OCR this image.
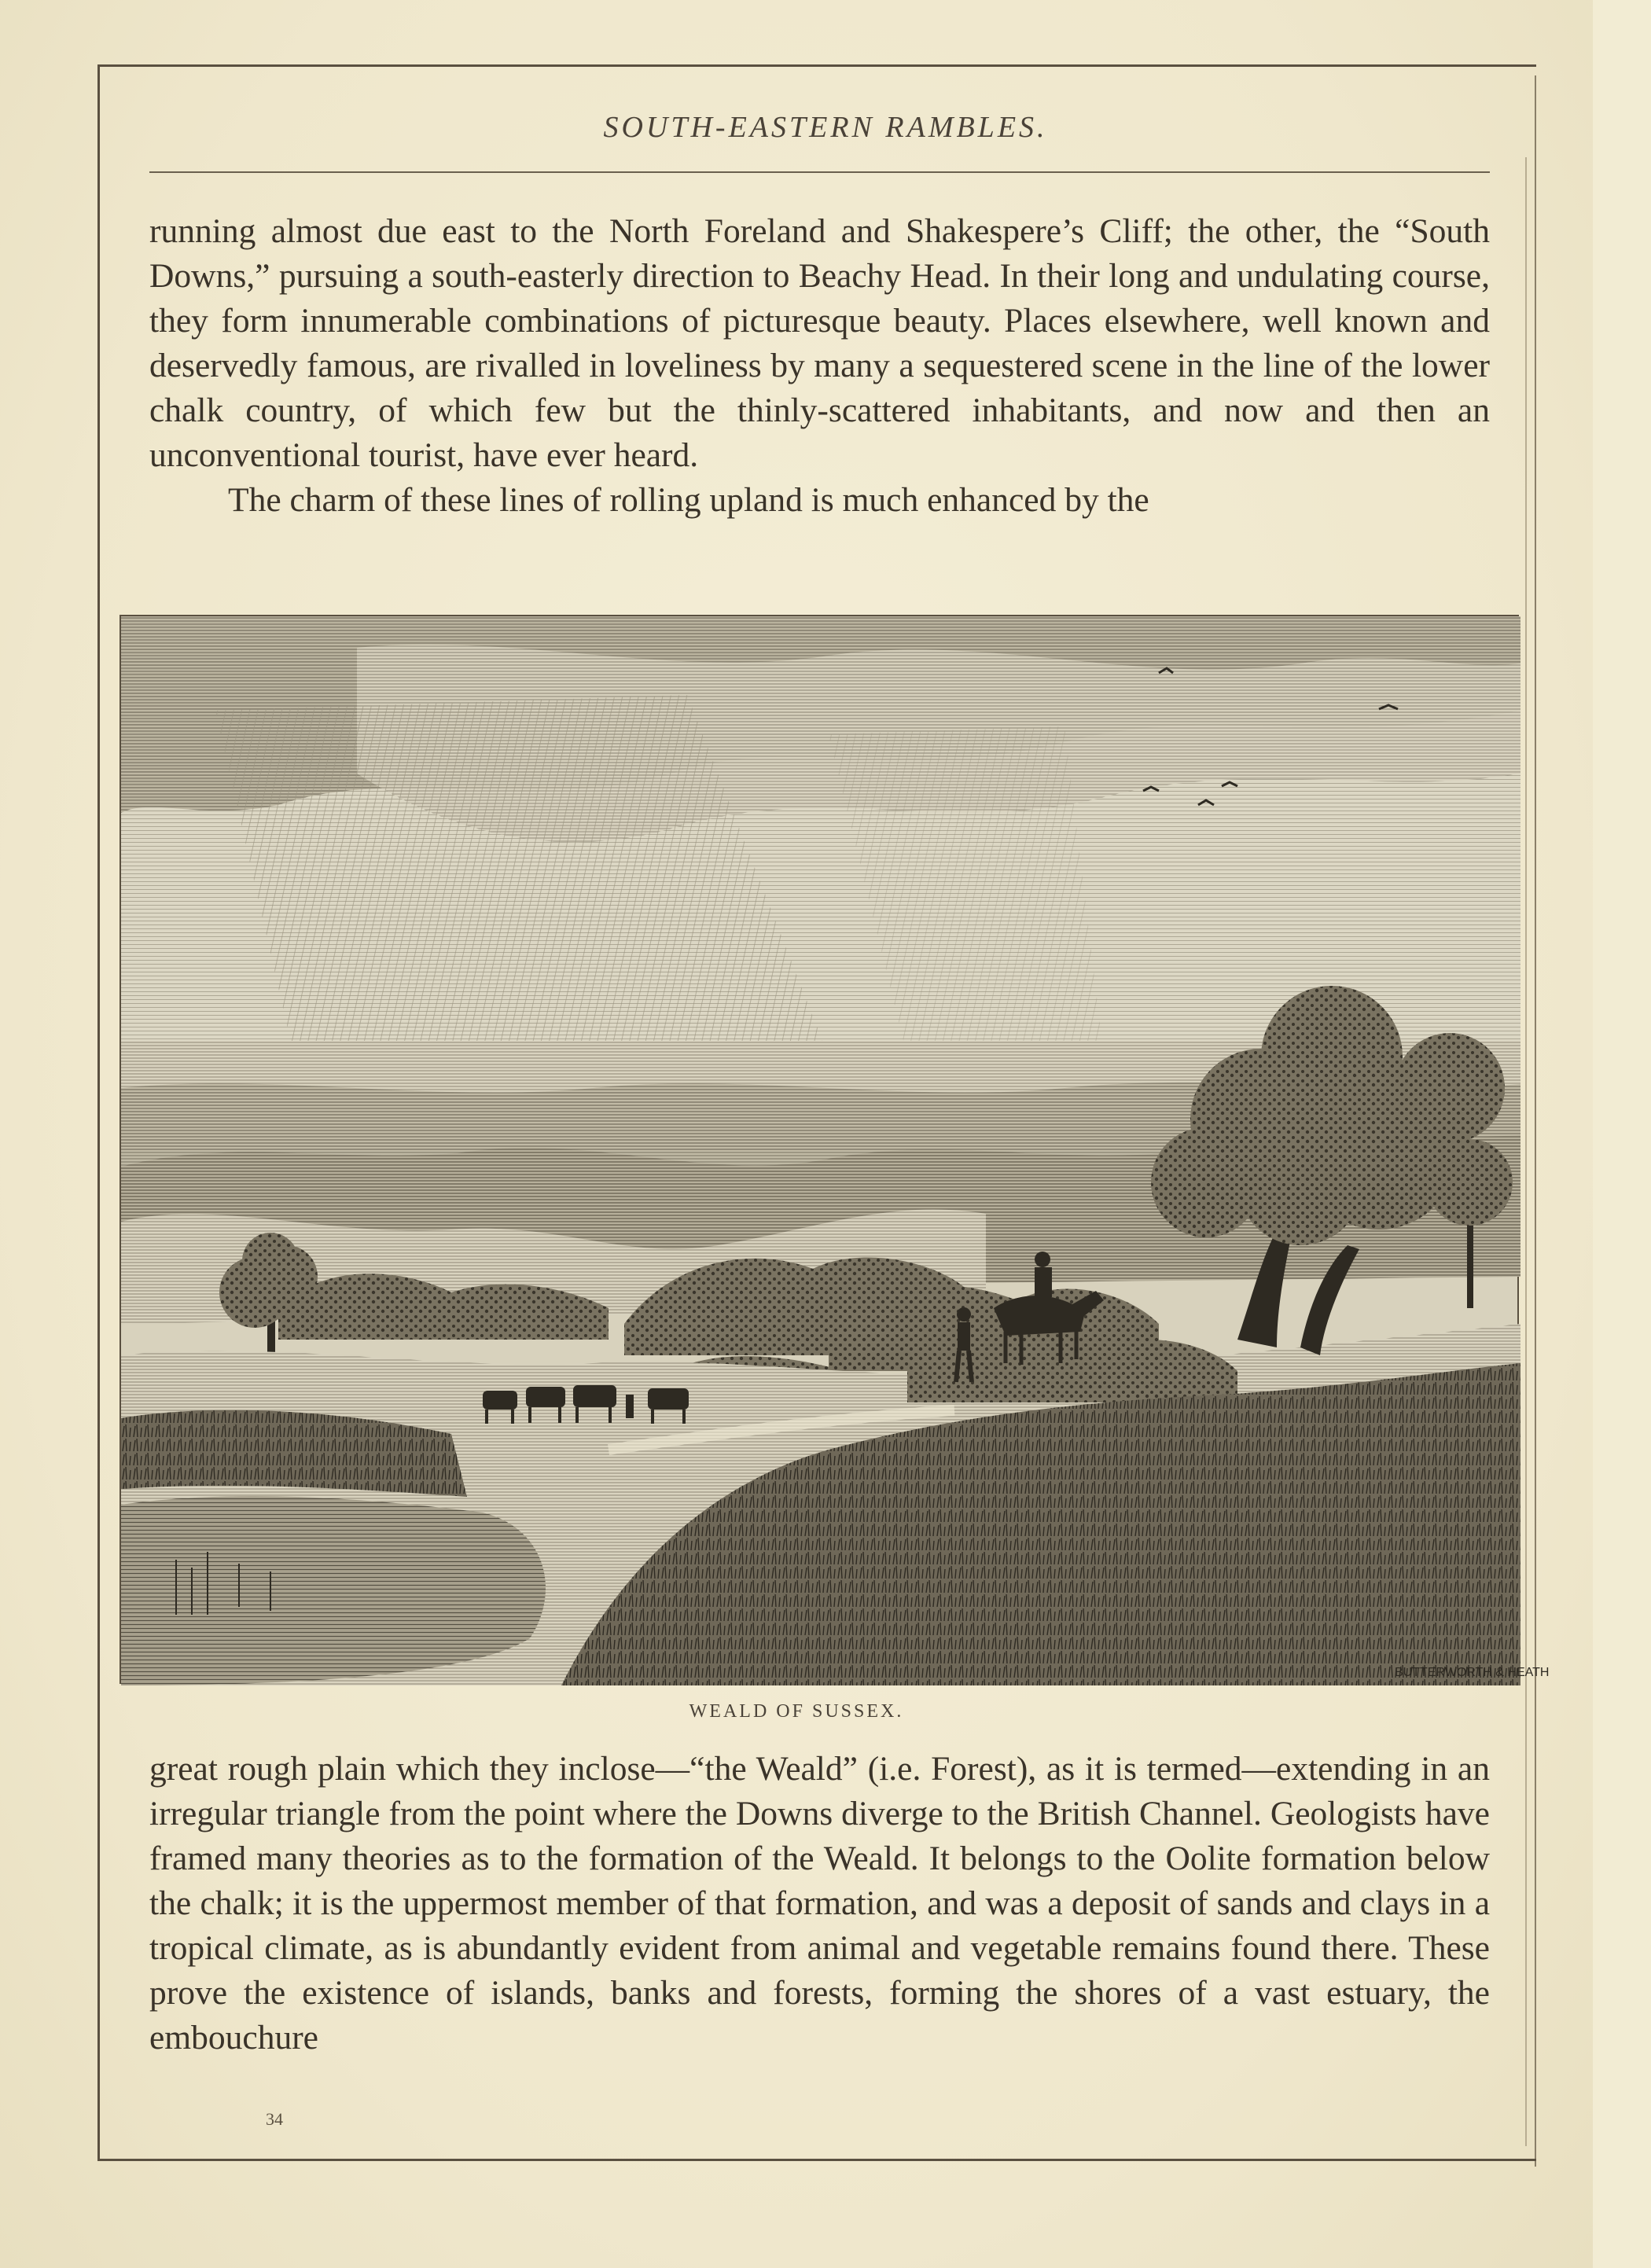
SOUTH-EASTERN RAMBLES.

running almost due east to the North Foreland and Shakespere’s Cliff; the other, the “South Downs,” pursuing a south-easterly direction to Beachy Head. In their long and undulating course, they form innumerable combinations of picturesque beauty. Places elsewhere, well known and deservedly famous, are rivalled in loveliness by many a sequestered scene in the line of the lower chalk country, of which few but the thinly-scattered inhabitants, and now and then an unconventional tourist, have ever heard.

The charm of these lines of rolling upland is much enhanced by the

BUTTERWORTH & HEATH
WEALD OF SUSSEX.

great rough plain which they inclose—“the Weald” (i.e. Forest), as it is termed—extending in an irregular triangle from the point where the Downs diverge to the British Channel. Geologists have framed many theories as to the formation of the Weald. It belongs to the Oolite formation below the chalk; it is the uppermost member of that formation, and was a deposit of sands and clays in a tropical climate, as is abundantly evident from animal and vegetable remains found there. These prove the existence of islands, banks and forests, forming the shores of a vast estuary, the embouchure

34
